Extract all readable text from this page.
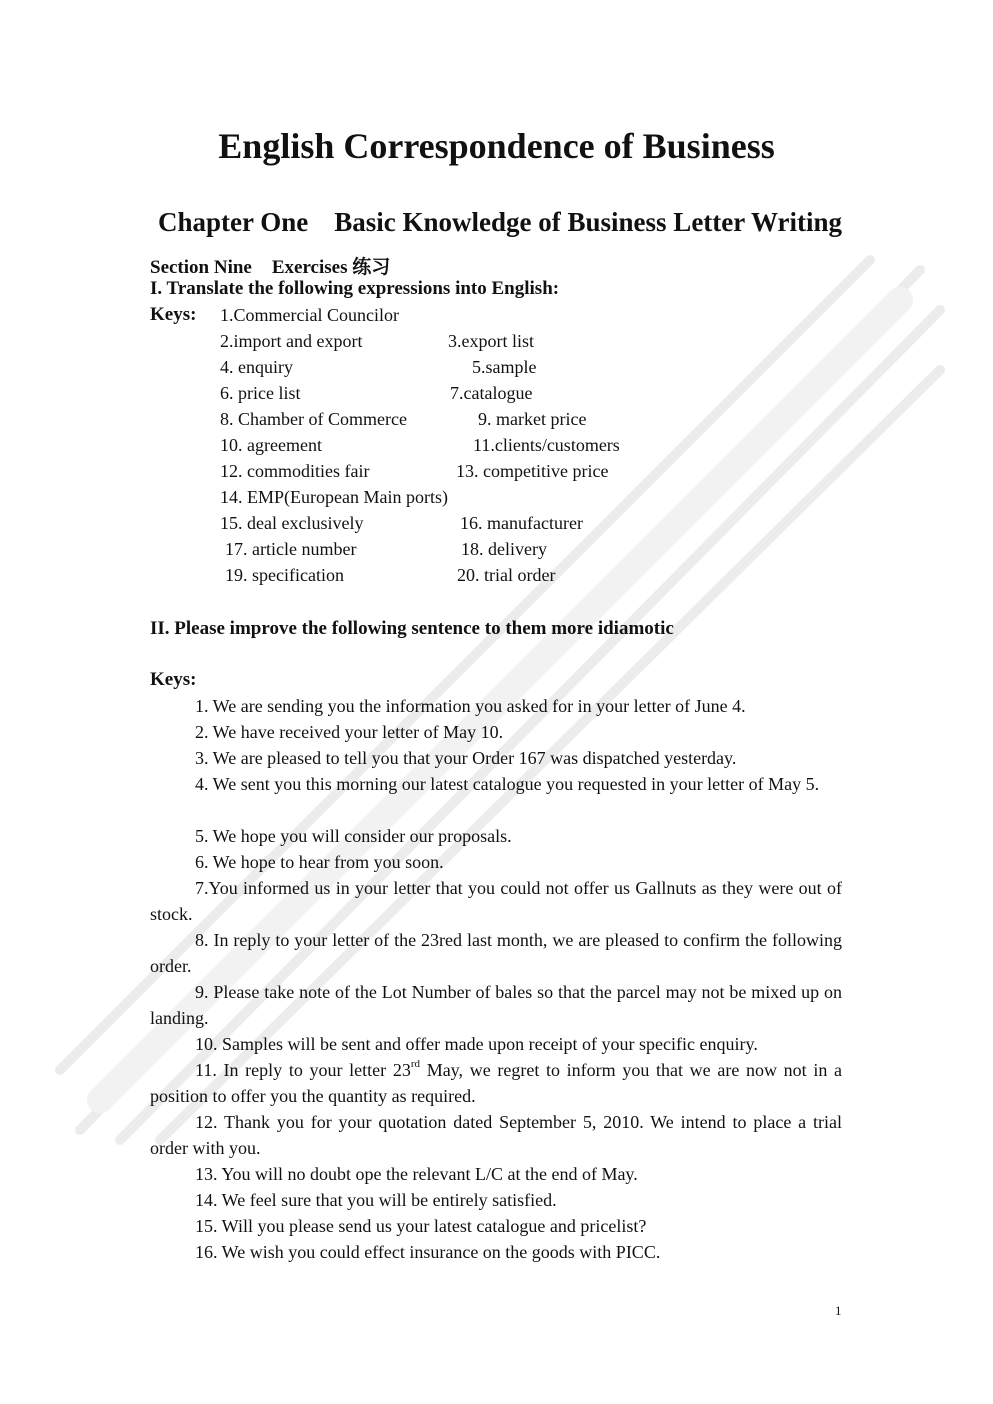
English Correspondence of Business
Chapter One Basic Knowledge of Business Letter Writing
Section Nine Exercises 练习
I. Translate the following expressions into English:
Keys: 1.Commercial Councilor
2.import and export	3.export list
4. enquiry	5.sample
6. price list	7.catalogue
8. Chamber of Commerce	9. market price
10. agreement	11.clients/customers
12. commodities fair	13. competitive price
14. EMP(European Main ports)
15. deal exclusively	16. manufacturer
17. article number	18. delivery
19. specification	20. trial order
II. Please improve the following sentence to them more idiamotic
Keys:
1. We are sending you the information you asked for in your letter of June 4.
2. We have received your letter of May 10.
3. We are pleased to tell you that your Order 167 was dispatched yesterday.
4. We sent you this morning our latest catalogue you requested in your letter of May 5.
5. We hope you will consider our proposals.
6. We hope to hear from you soon.
7.You informed us in your letter that you could not offer us Gallnuts as they were out of stock.
8. In reply to your letter of the 23red last month, we are pleased to confirm the following order.
9. Please take note of the Lot Number of bales so that the parcel may not be mixed up on landing.
10. Samples will be sent and offer made upon receipt of your specific enquiry.
11. In reply to your letter 23rd May, we regret to inform you that we are now not in a position to offer you the quantity as required.
12. Thank you for your quotation dated September 5, 2010. We intend to place a trial order with you.
13. You will no doubt ope the relevant L/C at the end of May.
14. We feel sure that you will be entirely satisfied.
15. Will you please send us your latest catalogue and pricelist?
16. We wish you could effect insurance on the goods with PICC.
1
